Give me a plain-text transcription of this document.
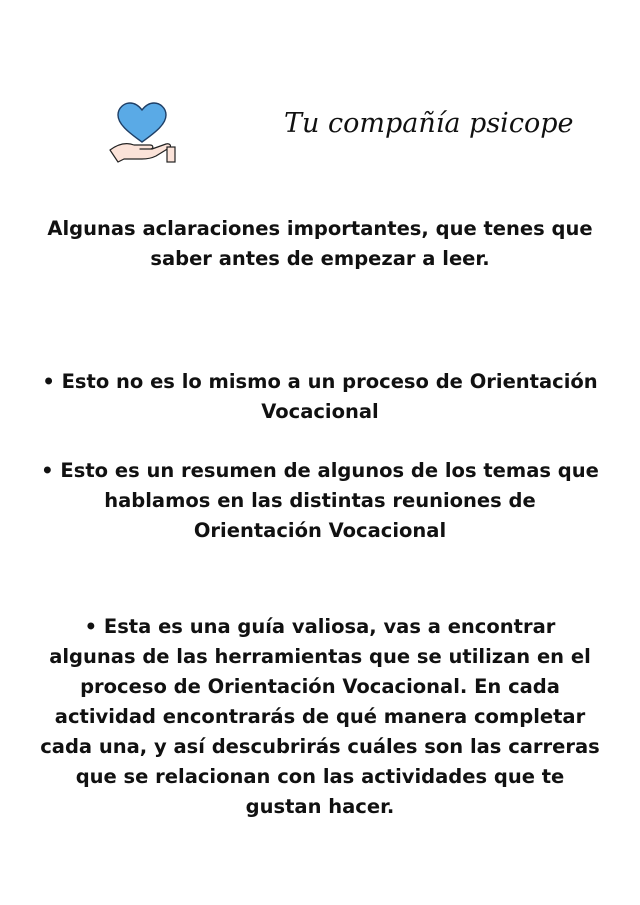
Tu compañía psicope

Algunas aclaraciones importantes, que tenes que saber antes de empezar a leer.

• Esto no es lo mismo a un proceso de Orientación Vocacional

• Esto es un resumen de algunos de los temas que hablamos en las distintas reuniones de Orientación Vocacional

• Esta es una guía valiosa, vas a encontrar algunas de las herramientas que se utilizan en el proceso de Orientación Vocacional. En cada actividad encontrarás de qué manera completar cada una, y así descubrirás cuáles son las carreras que se relacionan con las actividades que te gustan hacer.
